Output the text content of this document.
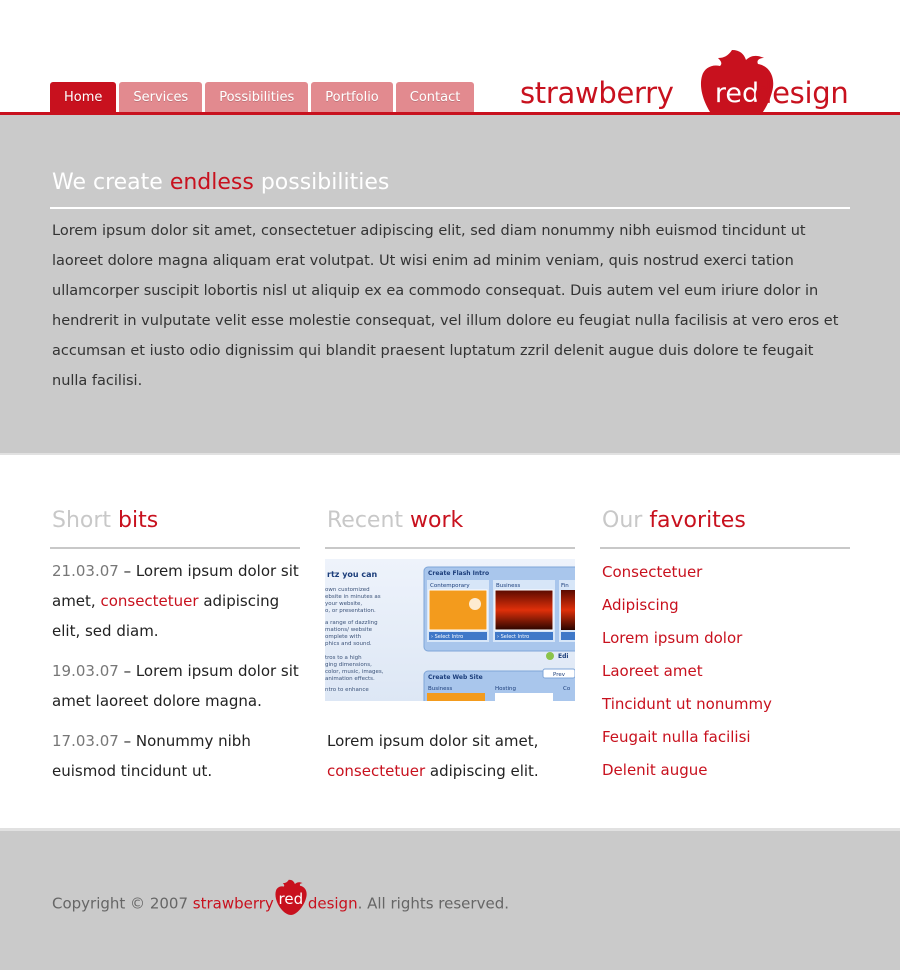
Home	Services	Possibilities	Portfolio	Contact	strawberry	red
design
We create endless possibilities

Lorem ipsum dolor sit amet, consectetuer adipiscing elit, sed diam nonummy nibh euismod tincidunt ut laoreet dolore magna aliquam erat volutpat. Ut wisi enim ad minim veniam, quis nostrud exerci tation ullamcorper suscipit lobortis nisl ut aliquip ex ea commodo consequat. Duis autem vel eum iriure dolor in hendrerit in vulputate velit esse molestie consequat, vel illum dolore eu feugiat nulla facilisis at vero eros et accumsan et iusto odio dignissim qui blandit praesent luptatum zzril delenit augue duis dolore te feugait nulla facilisi.

Short bits
21.03.07 – Lorem ipsum dolor sit amet, consectetuer adipiscing elit, sed diam.
19.03.07 – Lorem ipsum dolor sit amet laoreet dolore magna.
17.03.07 – Nonummy nibh euismod tincidunt ut.
Recent work
rtz you can
own customized
ebsite in minutes as
your website,
o, or presentation.
a range of dazzling
mations/ website
omplete with
phics and sound.
tros to a high
ging dimensions,
color, music, images,
animation effects.
ntro to enhance
Create Flash Intro
Contemporary
› Select Intro
Business
› Select Intro
Fin
Edi
Create Web Site
Business	Hosting	Co
Prev

Lorem ipsum dolor sit amet, consectetuer adipiscing elit.

Our favorites
Consectetuer
Adipiscing
Lorem ipsum dolor
Laoreet amet
Tincidunt ut nonummy
Feugait nulla facilisi
Delenit augue
Copyright © 2007 strawberry red design. All rights reserved.
